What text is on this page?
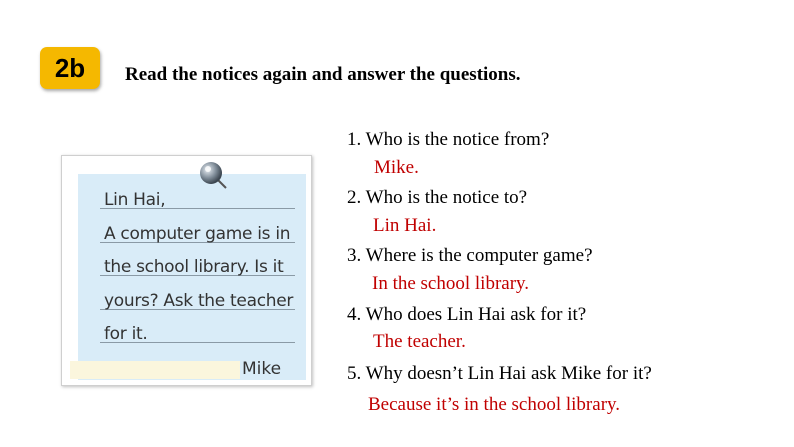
2b	Read the notices again and answer the questions.
Lin Hai,
A computer game is in
the school library. Is it
yours? Ask the teacher
for it.
Mike
1. Who is the notice from?
Mike.
2. Who is the notice to?
Lin Hai.
3. Where is the computer game?
In the school library.
4. Who does Lin Hai ask for it?
The teacher.
5. Why doesn’t Lin Hai ask Mike for it?
Because it’s in the school library.
